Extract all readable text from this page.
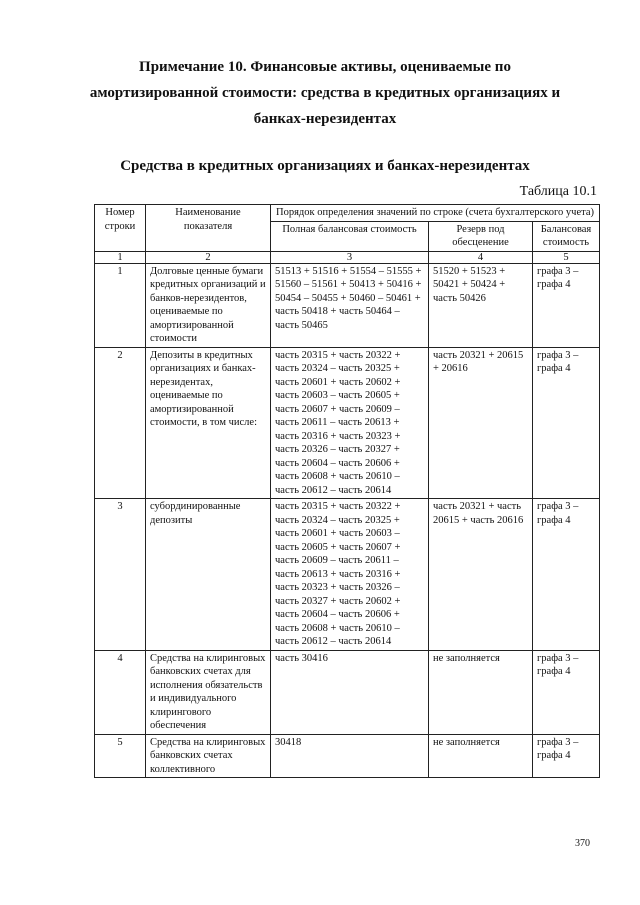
Примечание 10. Финансовые активы, оцениваемые по
амортизированной стоимости: средства в кредитных организациях и
банках-нерезидентах
Средства в кредитных организациях и банках-нерезидентах
Таблица 10.1
Номер строки	Наименование показателя	Порядок определения значений по строке (счета бухгалтерского учета)		
		Полная балансовая стоимость	Резерв под обесценение	Балансовая стоимость
1	2	3	4	5
1	Долговые ценные бумаги кредитных организаций и банков-нерезидентов, оцениваемые по амортизированной стоимости	51513 + 51516 + 51554 – 51555 + 51560 – 51561 + 50413 + 50416 + 50454 – 50455 + 50460 – 50461 + часть 50418 + часть 50464 – часть 50465	51520 + 51523 + 50421 + 50424 + часть 50426	графа 3 – графа 4
2	Депозиты в кредитных организациях и банках-нерезидентах, оцениваемые по амортизированной стоимости, в том числе:	часть 20315 + часть 20322 + часть 20324 – часть 20325 + часть 20601 + часть 20602 + часть 20603 – часть 20605 + часть 20607 + часть 20609 – часть 20611 – часть 20613 + часть 20316 + часть 20323 + часть 20326 – часть 20327 + часть 20604 – часть 20606 + часть 20608 + часть 20610 – часть 20612 – часть 20614	часть 20321 + 20615 + 20616	графа 3 – графа 4
3	субординированные депозиты	часть 20315 + часть 20322 + часть 20324 – часть 20325 + часть 20601 + часть 20603 – часть 20605 + часть 20607 + часть 20609 – часть 20611 – часть 20613 + часть 20316 + часть 20323 + часть 20326 – часть 20327 + часть 20602 + часть 20604 – часть 20606 + часть 20608 + часть 20610 – часть 20612 – часть 20614	часть 20321 + часть 20615 + часть 20616	графа 3 – графа 4
4	Средства на клиринговых банковских счетах для исполнения обязательств и индивидуального клирингового обеспечения	часть 30416	не заполняется	графа 3 – графа 4
5	Средства на клиринговых банковских счетах коллективного	30418	не заполняется	графа 3 – графа 4
370
